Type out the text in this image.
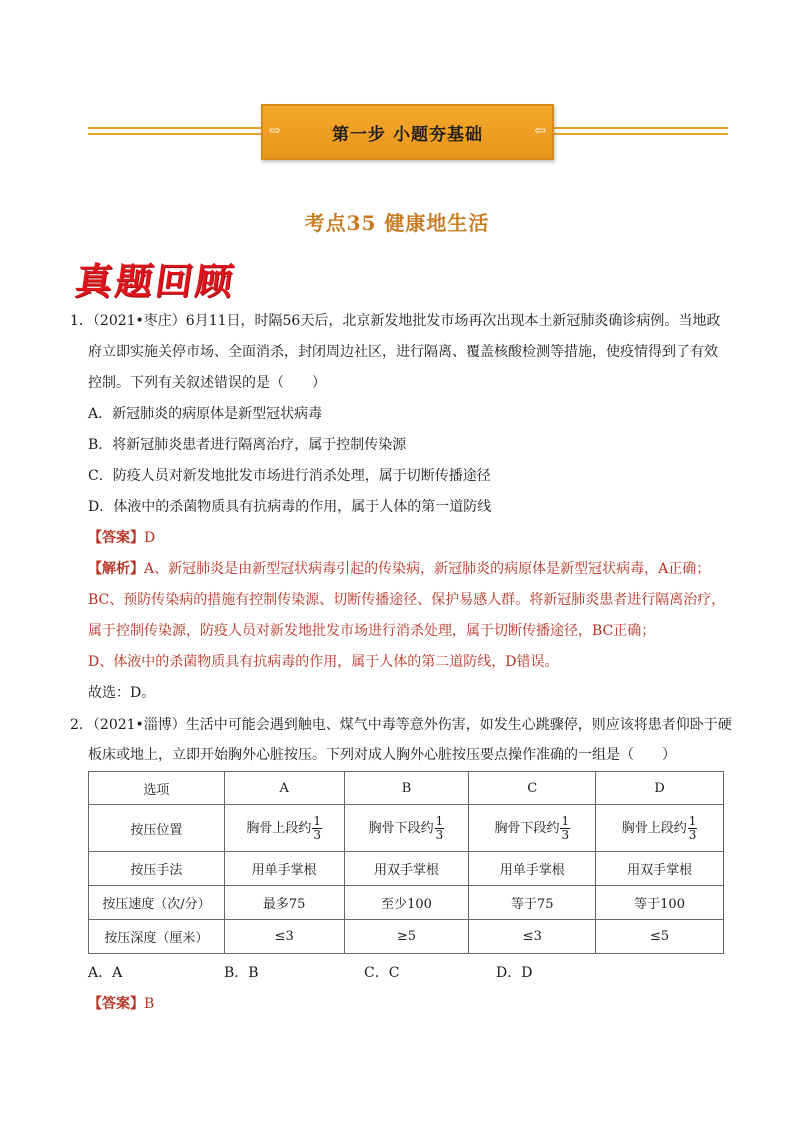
⇨	第一步 小题夯基础	⇦
考点35 健康地生活
真题回顾
1．（2021•枣庄）6月11日，时隔56天后，北京新发地批发市场再次出现本土新冠肺炎确诊病例。当地政
府立即实施关停市场、全面消杀，封闭周边社区，进行隔离、覆盖核酸检测等措施，使疫情得到了有效
控制。下列有关叙述错误的是（　　）
A．新冠肺炎的病原体是新型冠状病毒
B．将新冠肺炎患者进行隔离治疗，属于控制传染源
C．防疫人员对新发地批发市场进行消杀处理，属于切断传播途径
D．体液中的杀菌物质具有抗病毒的作用，属于人体的第一道防线
【答案】D
【解析】A、新冠肺炎是由新型冠状病毒引起的传染病，新冠肺炎的病原体是新型冠状病毒，A正确；
BC、预防传染病的措施有控制传染源、切断传播途径、保护易感人群。将新冠肺炎患者进行隔离治疗，
属于控制传染源，防疫人员对新发地批发市场进行消杀处理，属于切断传播途径，BC正确；
D、体液中的杀菌物质具有抗病毒的作用，属于人体的第二道防线，D错误。
故选：D。
2．（2021•淄博）生活中可能会遇到触电、煤气中毒等意外伤害，如发生心跳骤停，则应该将患者仰卧于硬
板床或地上，立即开始胸外心脏按压。下列对成人胸外心脏按压要点操作准确的一组是（　　）
选项	A	B	C	D
按压位置	胸骨上段约 $\frac{1}{3}$	胸骨下段约 $\frac{1}{3}$	胸骨下段约 $\frac{1}{3}$	胸骨上段约 $\frac{1}{3}$

按压手法	用单手掌根	用双手掌根	用单手掌根	用双手掌根
按压速度（次/分）	最多75	至少100	等于75	等于100
按压深度（厘米）	≤3	≥5	≤3	≤5
A．A	B．B	C．C	D．D
【答案】B
